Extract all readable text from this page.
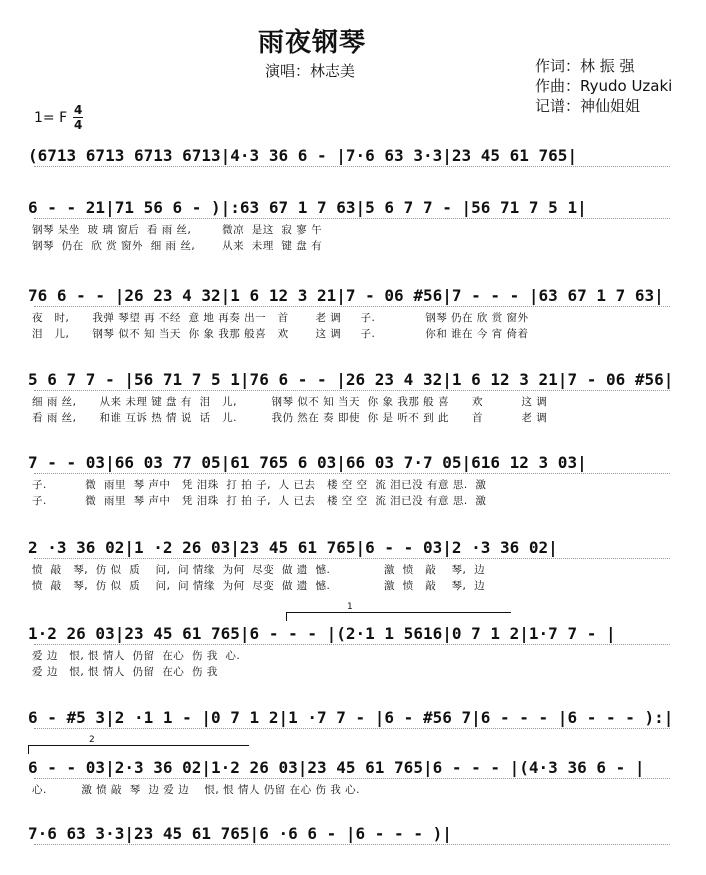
雨夜钢琴
演唱：林志美	作词：林 振 强
作曲：Ryudo Uzaki
记谱：神仙姐姐
1= F $\frac{4}{4}$
1
2
(6713 6713 6713 6713|4·3 36 6 - |7·6 63 3·3|23 45 61 765|
6 - - 21|71 56 6 - )|:63 67 1 7 63|5 6 7 7 - |56 71 7 5 1|
钢琴 呆坐  玻 璃 窗后  看 雨 丝,        微凉  是这  寂 寥 午
钢琴  仍在  欣 赏 窗外  细 雨 丝,       从来  未理  键 盘 有
76 6 - - |26 23 4 32|1 6 12 3 21|7 - 06 #56|7 - - - |63 67 1 7 63|
夜   时,      我弹 琴望 再 不经  意 地 再奏 出一   首       老 调     子.             钢琴 仍在 欣 赏 窗外
泪   儿,      钢琴 似不 知 当天  你 象 我那 般喜   欢       这 调     子.             你和 谁在 今 宵 倚着
5 6 7 7 - |56 71 7 5 1|76 6 - - |26 23 4 32|1 6 12 3 21|7 - 06 #56|
细 雨 丝,      从来 未理 键 盘 有  泪   儿,         钢琴 似不 知 当天  你 象 我那 般 喜      欢          这 调
看 雨 丝,      和谁 互诉 热 情 说  话   儿.         我仍 然在 奏 即使  你 是 听不 到 此      首          老 调
7 - - 03|66 03 77 05|61 765 6 03|66 03 7·7 05|616 12 3 03|
子.          微  雨里  琴 声中   凭 泪珠  打 拍 子,  人 已去   楼 空 空  流 泪已没 有意 思.  激
子.          微  雨里  琴 声中   凭 泪珠  打 拍 子,  人 已去   楼 空 空  流 泪已没 有意 思.  激
2 ·3 36 02|1 ·2 26 03|23 45 61 765|6 - - 03|2 ·3 36 02|
愤  敲   琴,  仿 似  质    问,  问 情缘  为何  尽变  做 遗  憾.              激  愤   敲    琴,  边
愤  敲   琴,  仿 似  质    问,  问 情缘  为何  尽变  做 遗  憾.              激  愤   敲    琴,  边
1·2 26 03|23 45 61 765|6 - - - |(2·1 1 5616|0 7 1 2|1·7 7 - |
爱 边   恨, 恨 情人  仍留  在心  伤 我  心.
爱 边   恨, 恨 情人  仍留  在心  伤 我
6 - #5 3|2 ·1 1 - |0 7 1 2|1 ·7 7 - |6 - #56 7|6 - - - |6 - - - ):|
6 - - 03|2·3 36 02|1·2 26 03|23 45 61 765|6 - - - |(4·3 36 6 - |
心.         激 愤 敲  琴  边 爱 边    恨, 恨 情人 仍留 在心 伤 我 心.
7·6 63 3·3|23 45 61 765|6 ·6 6 - |6 - - - )|
